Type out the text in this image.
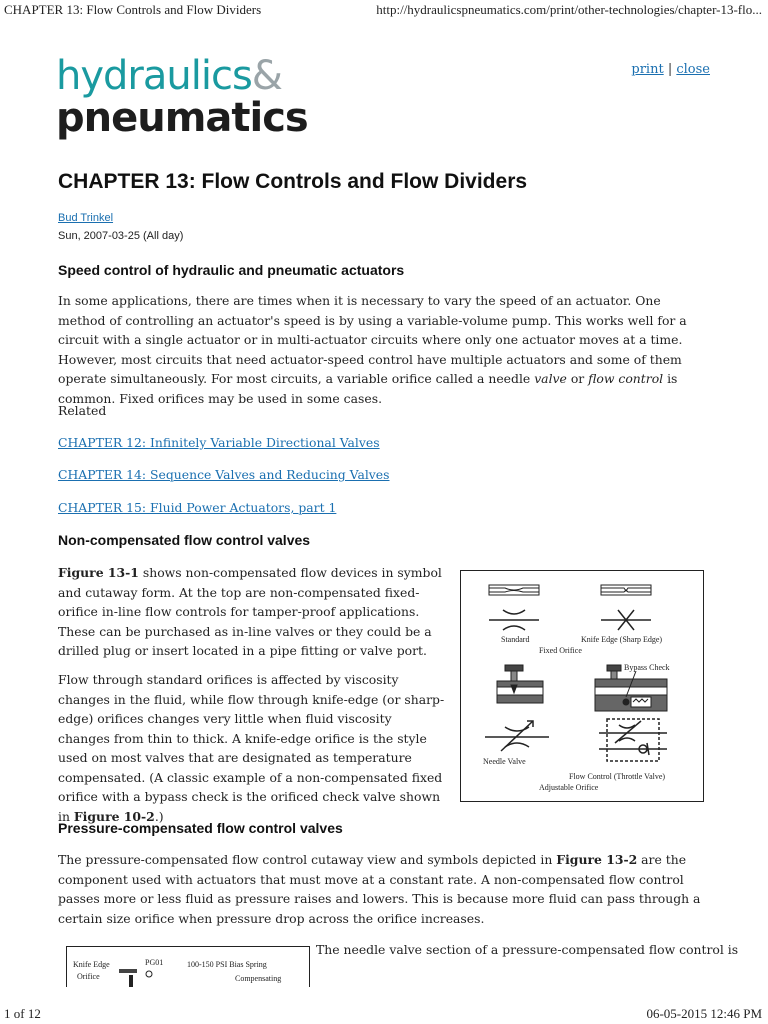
CHAPTER 13: Flow Controls and Flow Dividers	http://hydraulicspneumatics.com/print/other-technologies/chapter-13-flo...
hydraulics&
pneumatics
print | close
CHAPTER 13: Flow Controls and Flow Dividers
Bud Trinkel
Sun, 2007-03-25 (All day)
Speed control of hydraulic and pneumatic actuators

In some applications, there are times when it is necessary to vary the speed of an actuator. One method of controlling an actuator's speed is by using a variable-volume pump. This works well for a circuit with a single actuator or in multi-actuator circuits where only one actuator moves at a time. However, most circuits that need actuator-speed control have multiple actuators and some of them operate simultaneously. For most circuits, a variable orifice called a needle valve or flow control is common. Fixed orifices may be used in some cases.

Related

CHAPTER 12: Infinitely Variable Directional Valves
CHAPTER 14: Sequence Valves and Reducing Valves
CHAPTER 15: Fluid Power Actuators, part 1
Non-compensated flow control valves

Figure 13-1 shows non-compensated flow devices in symbol and cutaway form. At the top are non-compensated fixed-orifice in-line flow controls for tamper-proof applications. These can be purchased as in-line valves or they could be a drilled plug or insert located in a pipe fitting or valve port.

Flow through standard orifices is affected by viscosity changes in the fluid, while flow through knife-edge (or sharp-edge) orifices changes very little when fluid viscosity changes from thin to thick. A knife-edge orifice is the style used on most valves that are designated as temperature compensated. (A classic example of a non-compensated fixed orifice with a bypass check is the orificed check valve shown in Figure 10-2.)

Pressure-compensated flow control valves

The pressure-compensated flow control cutaway view and symbols depicted in Figure 13-2 are the component used with actuators that must move at a constant rate. A non-compensated flow control passes more or less fluid as pressure raises and lowers. This is because more fluid can pass through a certain size orifice when pressure drop across the orifice increases.

The needle valve section of a pressure-compensated flow control is

Standard	Knife Edge (Sharp Edge)
Fixed Orifice
Bypass Check
Needle Valve
Flow Control (Throttle Valve)
Adjustable Orifice
Knife Edge
Orifice
PG01	100-150 PSI Bias Spring
Compensating
1 of 12	06-05-2015 12:46 PM
